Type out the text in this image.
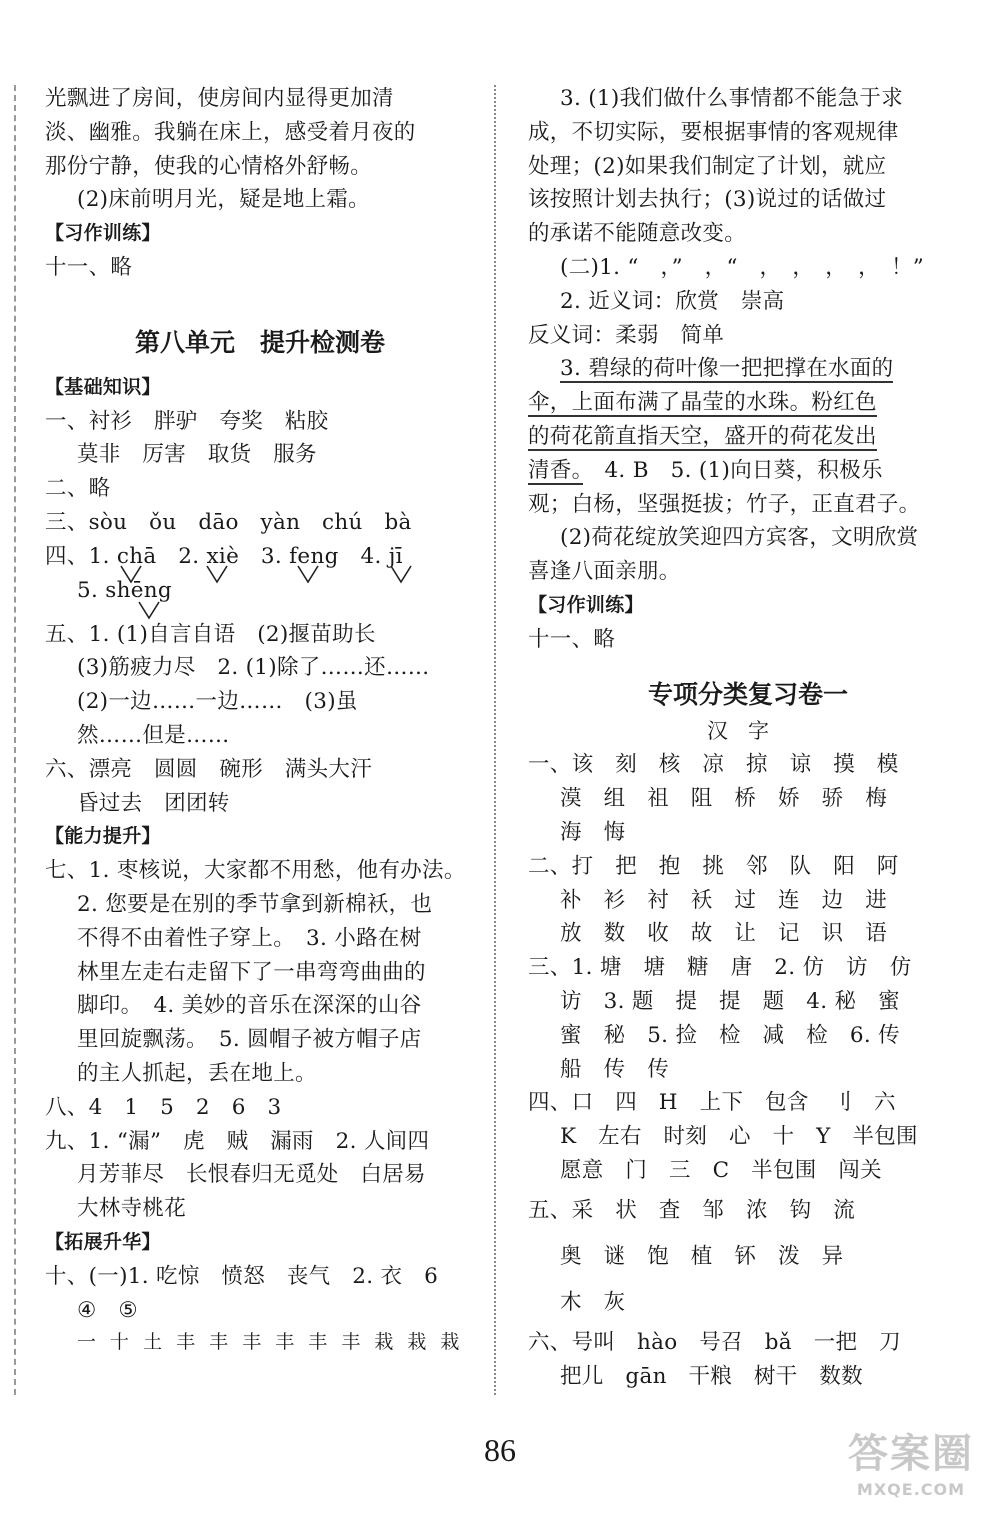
光飘进了房间，使房间内显得更加清
淡、幽雅。我躺在床上，感受着月夜的
那份宁静，使我的心情格外舒畅。
(2)床前明月光，疑是地上霜。
【习作训练】
十一、略
第八单元　提升检测卷
【基础知识】
一、衬衫　胖驴　夸奖　粘胶
莫非　厉害　取货　服务
二、略
三、sòu　ǒu　dāo　yàn　chú　bà
四、1. chā　2. xiè　3. feng　4. jī
5. shēng
五、1. (1)自言自语　(2)揠苗助长
(3)筋疲力尽　2. (1)除了……还……
(2)一边……一边……　(3)虽
然……但是……
六、漂亮　圆圆　碗形　满头大汗
昏过去　团团转
【能力提升】
七、1. 枣核说，大家都不用愁，他有办法。
2. 您要是在别的季节拿到新棉袄，也
不得不由着性子穿上。　3. 小路在树
林里左走右走留下了一串弯弯曲曲的
脚印。　4. 美妙的音乐在深深的山谷
里回旋飘荡。　5. 圆帽子被方帽子店
的主人抓起，丢在地上。
八、4　1　5　2　6　3
九、1. “漏”　虎　贼　漏雨　2. 人间四
月芳菲尽　长恨春归无觅处　白居易
大林寺桃花
【拓展升华】
十、(一)1. 吃惊　愤怒　丧气　2. 衣　6
④　⑤
一 十 土 丰 丰 丰 丰 丰 丰 栽 栽 栽
3. (1)我们做什么事情都不能急于求
成，不切实际，要根据事情的客观规律
处理；(2)如果我们制定了计划，就应
该按照计划去执行；(3)说过的话做过
的承诺不能随意改变。
(二)1. “　，”　，“　，　，　，　，　！”
2. 近义词：欣赏　崇高
反义词：柔弱　简单
3. 碧绿的荷叶像一把把撑在水面的
伞，上面布满了晶莹的水珠。粉红色
的荷花箭直指天空，盛开的荷花发出
清香。　4. B　5. (1)向日葵，积极乐
观；白杨，坚强挺拔；竹子，正直君子。
(2)荷花绽放笑迎四方宾客，文明欣赏
喜逢八面亲朋。
【习作训练】
十一、略
专项分类复习卷一
汉字
一、该　刻　核　凉　掠　谅　摸　模
漠　组　祖　阻　桥　娇　骄　梅
海　悔
二、打　把　抱　挑　邻　队　阳　阿
补　衫　衬　袄　过　连　边　进
放　数　收　故　让　记　识　语
三、1. 塘　塘　糖　唐　2. 仿　访　仿
访　3. 题　提　提　题　4. 秘　蜜
蜜　秘　5. 捡　检　减　检　6. 传
船　传　传
四、口　四　H　上下　包含　刂　六
K　左右　时刻　心　十　Y　半包围
愿意　门　三　C　半包围　闯关
五、采　状　査　邹　浓　钩　流
奥　谜　饱　植　钚　泼　异
木　灰
六、号叫　hào　号召　bǎ　一把　刀
把儿　gān　干粮　树干　数数
86	答案圈
MXQE.COM
